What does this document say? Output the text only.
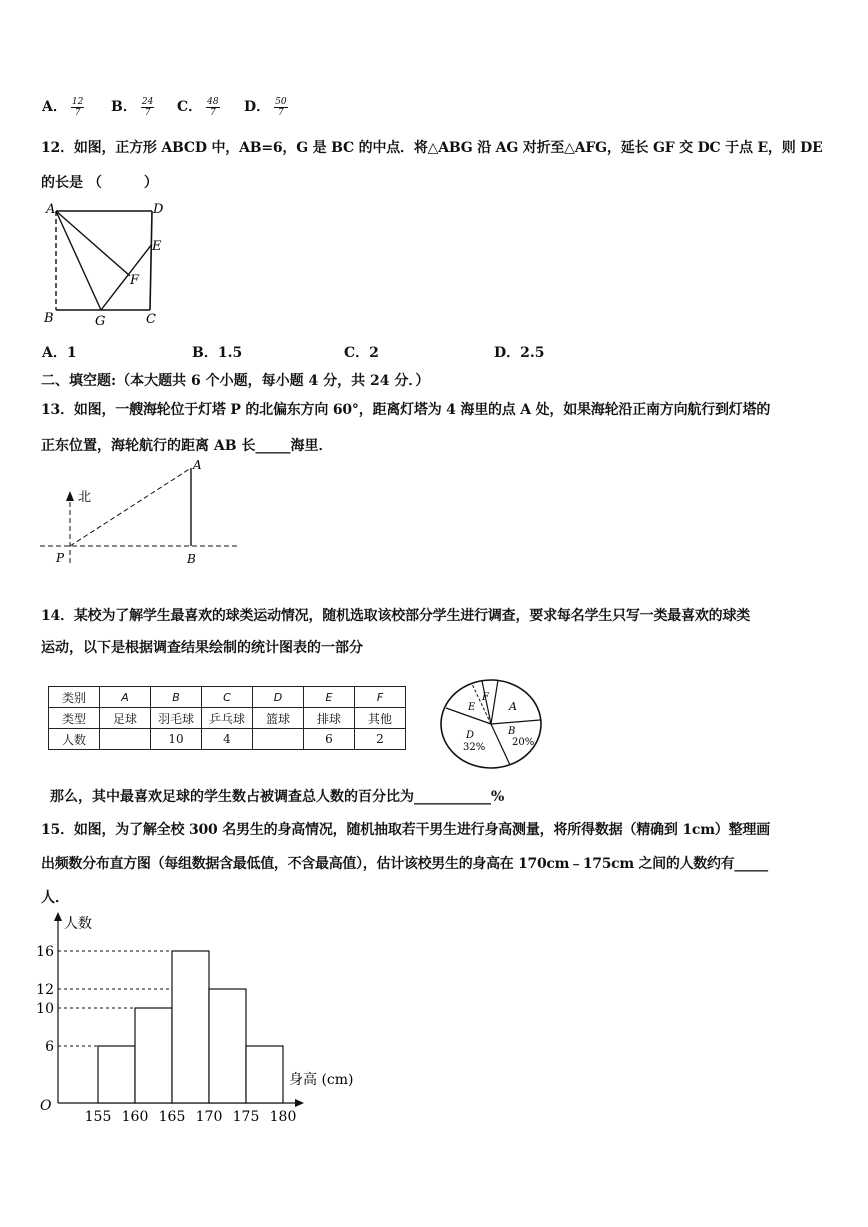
A． $\frac{12}{7}$ B． $\frac{24}{7}$ C． $\frac{48}{7}$ D． $\frac{50}{7}$
12．如图，正方形 ABCD 中，AB=6，G 是 BC 的中点．将△ABG 沿 AG 对折至△AFG，延长 GF 交 DC 于点 E，则 DE
的长是 （　　　）
A	D
E
F
B	G	C
A．1	B．1.5	C．2	D．2.5
二、填空题:（本大题共 6 个小题，每小题 4 分，共 24 分．）
13．如图，一艘海轮位于灯塔 P 的北偏东方向 60°，距离灯塔为 4 海里的点 A 处，如果海轮沿正南方向航行到灯塔的
正东位置，海轮航行的距离 AB 长_____海里．
北
A
P	B
14．某校为了解学生最喜欢的球类运动情况，随机选取该校部分学生进行调查，要求每名学生只写一类最喜欢的球类
运动，以下是根据调查结果绘制的统计图表的一部分
类别	A	B	C	D	E	F
类型	足球	羽毛球	乒乓球	篮球	排球	其他
人数		10	4		6	2
F
E	A
D
32%
B
20%
那么，其中最喜欢足球的学生数占被调查总人数的百分比为___________%
15．如图，为了解全校 300 名男生的身高情况，随机抽取若干男生进行身高测量，将所得数据（精确到 1cm）整理画
出频数分布直方图（每组数据含最低值，不含最高值），估计该校男生的身高在 170cm﹣175cm 之间的人数约有_____
人．
人数
身高 (cm)
O
6
10
12
16
155 160 165 170 175 180
